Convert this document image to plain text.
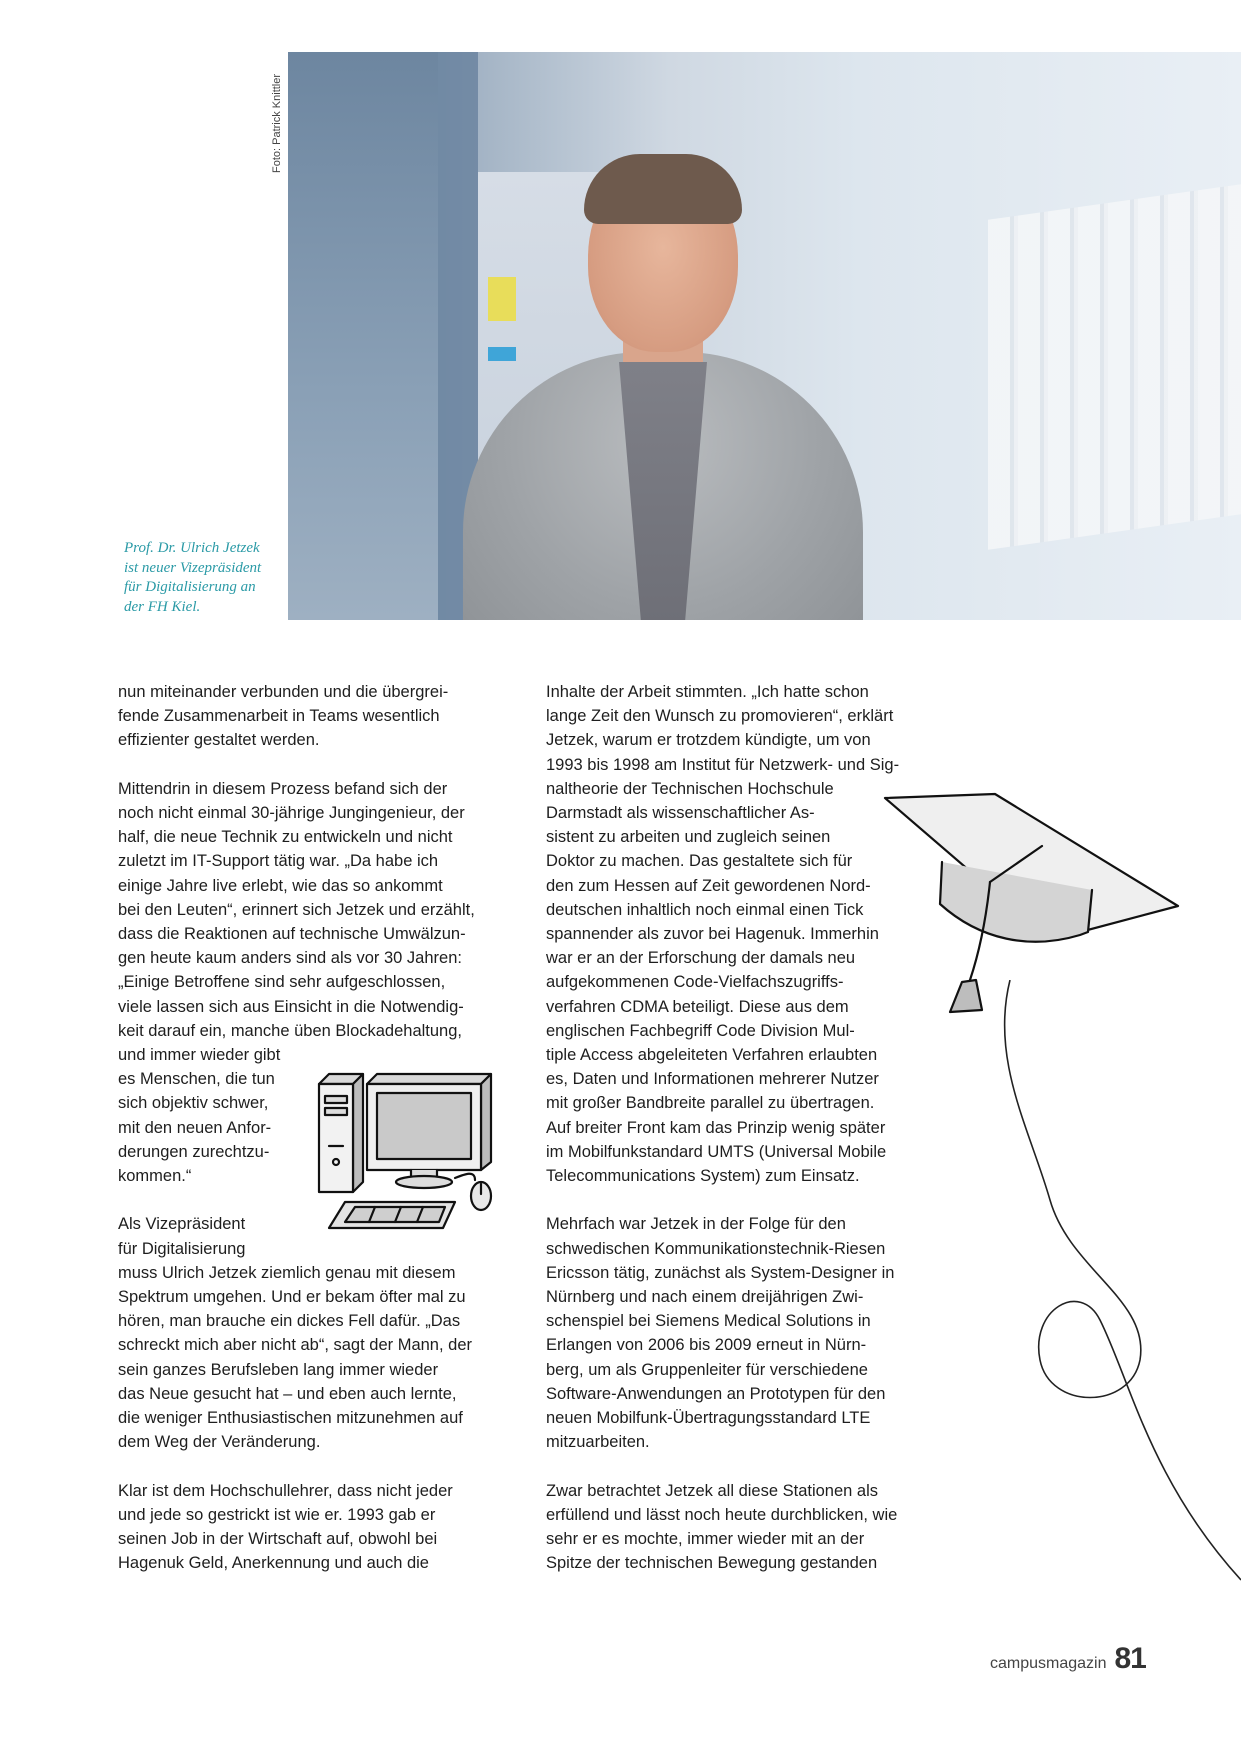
Foto: Patrick Knittler
Prof. Dr. Ulrich Jetzek
ist neuer Vizepräsident
für Digitalisierung an
der FH Kiel.

nun miteinander verbunden und die übergrei-
fende Zusammenarbeit in Teams wesentlich
effizienter gestaltet werden.

Mittendrin in diesem Prozess befand sich der
noch nicht einmal 30-jährige Jungingenieur, der
half, die neue Technik zu entwickeln und nicht
zuletzt im IT-Support tätig war. „Da habe ich
einige Jahre live erlebt, wie das so ankommt
bei den Leuten“, erinnert sich Jetzek und erzählt,
dass die Reaktionen auf technische Umwälzun-
gen heute kaum anders sind als vor 30 Jahren:
„Einige Betroffene sind sehr aufgeschlossen,
viele lassen sich aus Einsicht in die Notwendig-
keit darauf ein, manche üben Blockadehaltung,
und immer wieder gibt
es Menschen, die tun
sich objektiv schwer,
mit den neuen Anfor-
derungen zurechtzu-
kommen.“

Als Vizepräsident
für Digitalisierung
muss Ulrich Jetzek ziemlich genau mit diesem
Spektrum umgehen. Und er bekam öfter mal zu
hören, man brauche ein dickes Fell dafür. „Das
schreckt mich aber nicht ab“, sagt der Mann, der
sein ganzes Berufsleben lang immer wieder
das Neue gesucht hat – und eben auch lernte,
die weniger Enthusiastischen mitzunehmen auf
dem Weg der Veränderung.

Klar ist dem Hochschullehrer, dass nicht jeder
und jede so gestrickt ist wie er. 1993 gab er
seinen Job in der Wirtschaft auf, obwohl bei
Hagenuk Geld, Anerkennung und auch die

Inhalte der Arbeit stimmten. „Ich hatte schon
lange Zeit den Wunsch zu promovieren“, erklärt
Jetzek, warum er trotzdem kündigte, um von
1993 bis 1998 am Institut für Netzwerk- und Sig-
naltheorie der Technischen Hochschule
Darmstadt als wissenschaftlicher As-
sistent zu arbeiten und zugleich seinen
Doktor zu machen. Das gestaltete sich für
den zum Hessen auf Zeit gewordenen Nord-
deutschen inhaltlich noch einmal einen Tick
spannender als zuvor bei Hagenuk. Immerhin
war er an der Erforschung der damals neu
aufgekommenen Code-Vielfachszugriffs-
verfahren CDMA beteiligt. Diese aus dem
englischen Fachbegriff Code Division Mul-
tiple Access abgeleiteten Verfahren erlaubten
es, Daten und Informationen mehrerer Nutzer
mit großer Bandbreite parallel zu übertragen.
Auf breiter Front kam das Prinzip wenig später
im Mobilfunkstandard UMTS (Universal Mobile
Telecommunications System) zum Einsatz.

Mehrfach war Jetzek in der Folge für den
schwedischen Kommunikationstechnik-Riesen
Ericsson tätig, zunächst als System-Designer in
Nürnberg und nach einem dreijährigen Zwi-
schenspiel bei Siemens Medical Solutions in
Erlangen von 2006 bis 2009 erneut in Nürn-
berg, um als Gruppenleiter für verschiedene
Software-Anwendungen an Prototypen für den
neuen Mobilfunk-Übertragungsstandard LTE
mitzuarbeiten.

Zwar betrachtet Jetzek all diese Stationen als
erfüllend und lässt noch heute durchblicken, wie
sehr er es mochte, immer wieder mit an der
Spitze der technischen Bewegung gestanden

campusmagazin 81
